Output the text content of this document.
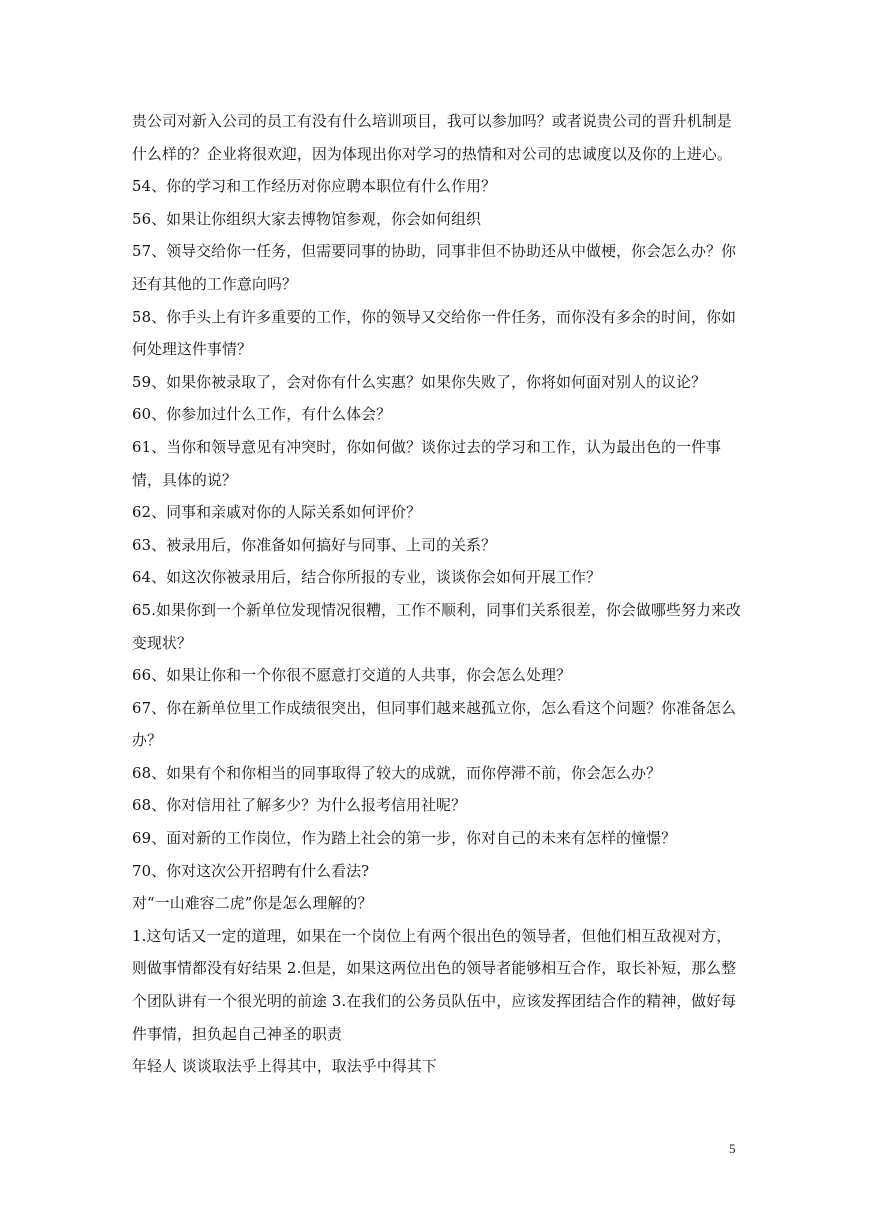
贵公司对新入公司的员工有没有什么培训项目，我可以参加吗？或者说贵公司的晋升机制是什么样的？企业将很欢迎，因为体现出你对学习的热情和对公司的忠诚度以及你的上进心。

54、你的学习和工作经历对你应聘本职位有什么作用？

56、如果让你组织大家去博物馆参观，你会如何组织

57、领导交给你一任务，但需要同事的协助，同事非但不协助还从中做梗，你会怎么办？你还有其他的工作意向吗？

58、你手头上有许多重要的工作，你的领导又交给你一件任务，而你没有多余的时间，你如何处理这件事情？

59、如果你被录取了，会对你有什么实惠？如果你失败了，你将如何面对别人的议论？

60、你参加过什么工作，有什么体会？

61、当你和领导意见有冲突时，你如何做？谈你过去的学习和工作，认为最出色的一件事情，具体的说？

62、同事和亲戚对你的人际关系如何评价？

63、被录用后，你准备如何搞好与同事、上司的关系？

64、如这次你被录用后，结合你所报的专业，谈谈你会如何开展工作？

65.如果你到一个新单位发现情况很糟，工作不顺利，同事们关系很差，你会做哪些努力来改变现状？

66、如果让你和一个你很不愿意打交道的人共事，你会怎么处理？

67、你在新单位里工作成绩很突出，但同事们越来越孤立你，怎么看这个问题？你准备怎么办？

68、如果有个和你相当的同事取得了较大的成就，而你停滞不前，你会怎么办？

68、你对信用社了解多少？为什么报考信用社呢？

69、面对新的工作岗位，作为踏上社会的第一步，你对自己的未来有怎样的憧憬？

70、你对这次公开招聘有什么看法?

对“一山难容二虎”你是怎么理解的？

1.这句话又一定的道理，如果在一个岗位上有两个很出色的领导者，但他们相互敌视对方，则做事情都没有好结果 2.但是，如果这两位出色的领导者能够相互合作，取长补短，那么整个团队讲有一个很光明的前途 3.在我们的公务员队伍中，应该发挥团结合作的精神，做好每件事情，担负起自己神圣的职责

年轻人 谈谈取法乎上得其中，取法乎中得其下

5
